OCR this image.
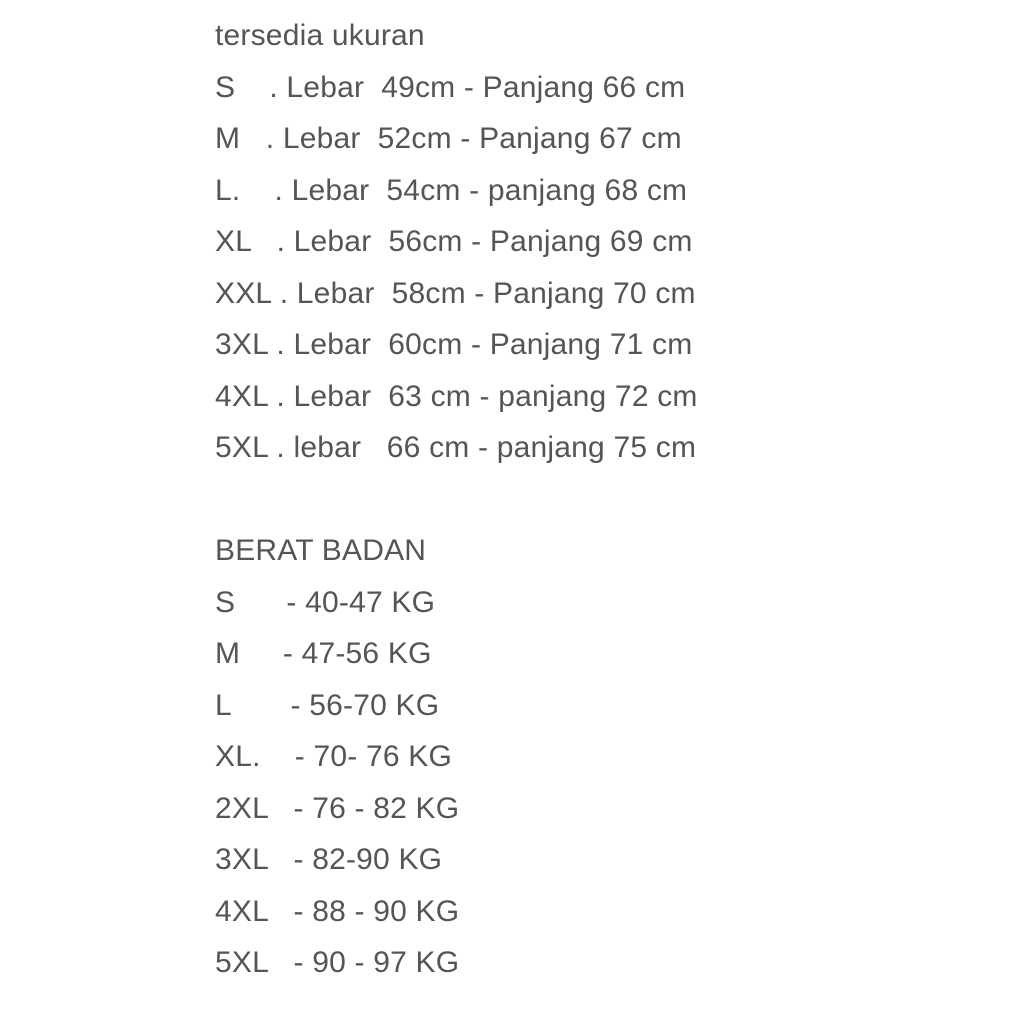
tersedia ukuran
S    . Lebar  49cm - Panjang 66 cm
M   . Lebar  52cm - Panjang 67 cm
L.    . Lebar  54cm - panjang 68 cm
XL   . Lebar  56cm - Panjang 69 cm
XXL . Lebar  58cm - Panjang 70 cm
3XL . Lebar  60cm - Panjang 71 cm
4XL . Lebar  63 cm - panjang 72 cm
5XL . lebar   66 cm - panjang 75 cm
BERAT BADAN
S      - 40-47 KG
M     - 47-56 KG
L       - 56-70 KG
XL.    - 70- 76 KG
2XL   - 76 - 82 KG
3XL   - 82-90 KG
4XL   - 88 - 90 KG
5XL   - 90 - 97 KG
